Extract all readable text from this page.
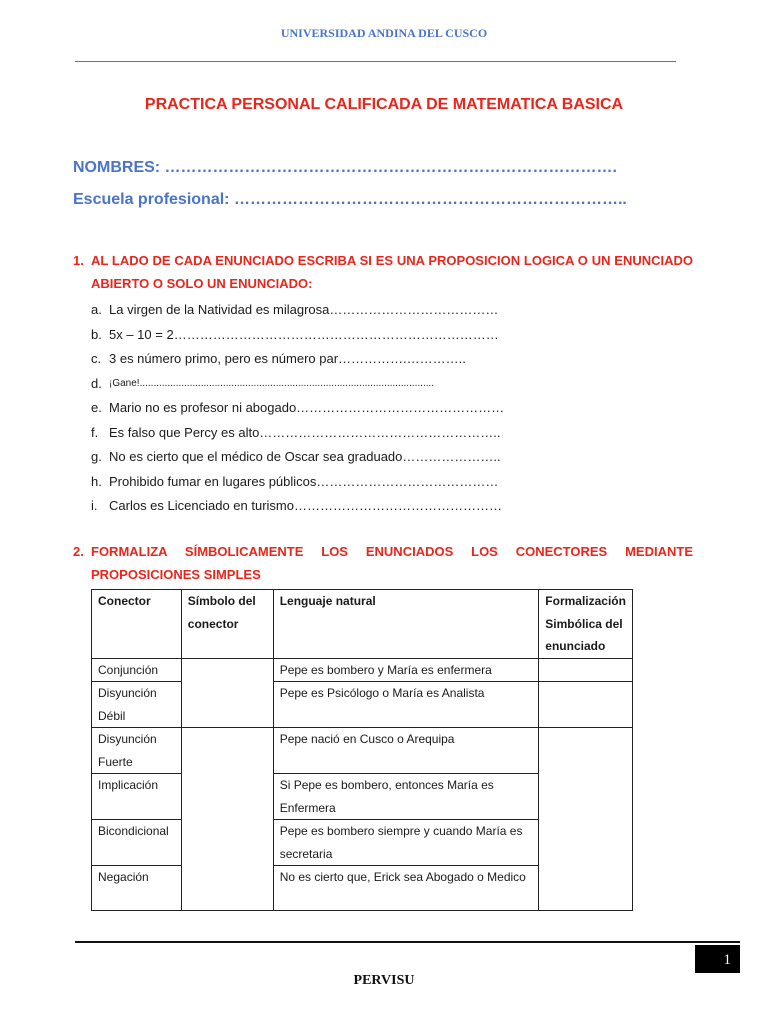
UNIVERSIDAD ANDINA DEL CUSCO
PRACTICA PERSONAL CALIFICADA DE MATEMATICA BASICA
NOMBRES: ………………………………………………………………………….
Escuela profesional: ………………………………………………………………..
1. AL LADO DE CADA ENUNCIADO ESCRIBA SI ES UNA PROPOSICION LOGICA O UN ENUNCIADO ABIERTO O SOLO UN ENUNCIADO:
a. La virgen de la Natividad es milagrosa…………………………………
b. 5x – 10 = 2…………………………………………………………………
c. 3 es número primo, pero es número par…………….…………..
d. ¡Gane!..........................................................................................................
e. Mario no es profesor ni abogado…………………………………………
f. Es falso que Percy es alto………………………………………………..
g. No es cierto que el médico de Oscar sea graduado…………………..
h. Prohibido fumar en lugares públicos……………………………………
i. Carlos es Licenciado en turismo…………………………………………
2. FORMALIZA SÍMBOLICAMENTE LOS ENUNCIADOS LOS CONECTORES MEDIANTE PROPOSICIONES SIMPLES
Conector	Símbolo del conector	Lenguaje natural	Formalización Simbólica del enunciado
Conjunción		Pepe es bombero y María es enfermera	
Disyunción Débil		Pepe es Psicólogo o María es Analista	
Disyunción Fuerte		Pepe nació en Cusco o Arequipa	
Implicación		Si Pepe es bombero, entonces María es Enfermera	
Bicondicional		Pepe es bombero siempre y cuando María es secretaria	
Negación		No es cierto que, Erick sea Abogado o Medico	
1
PERVISU
